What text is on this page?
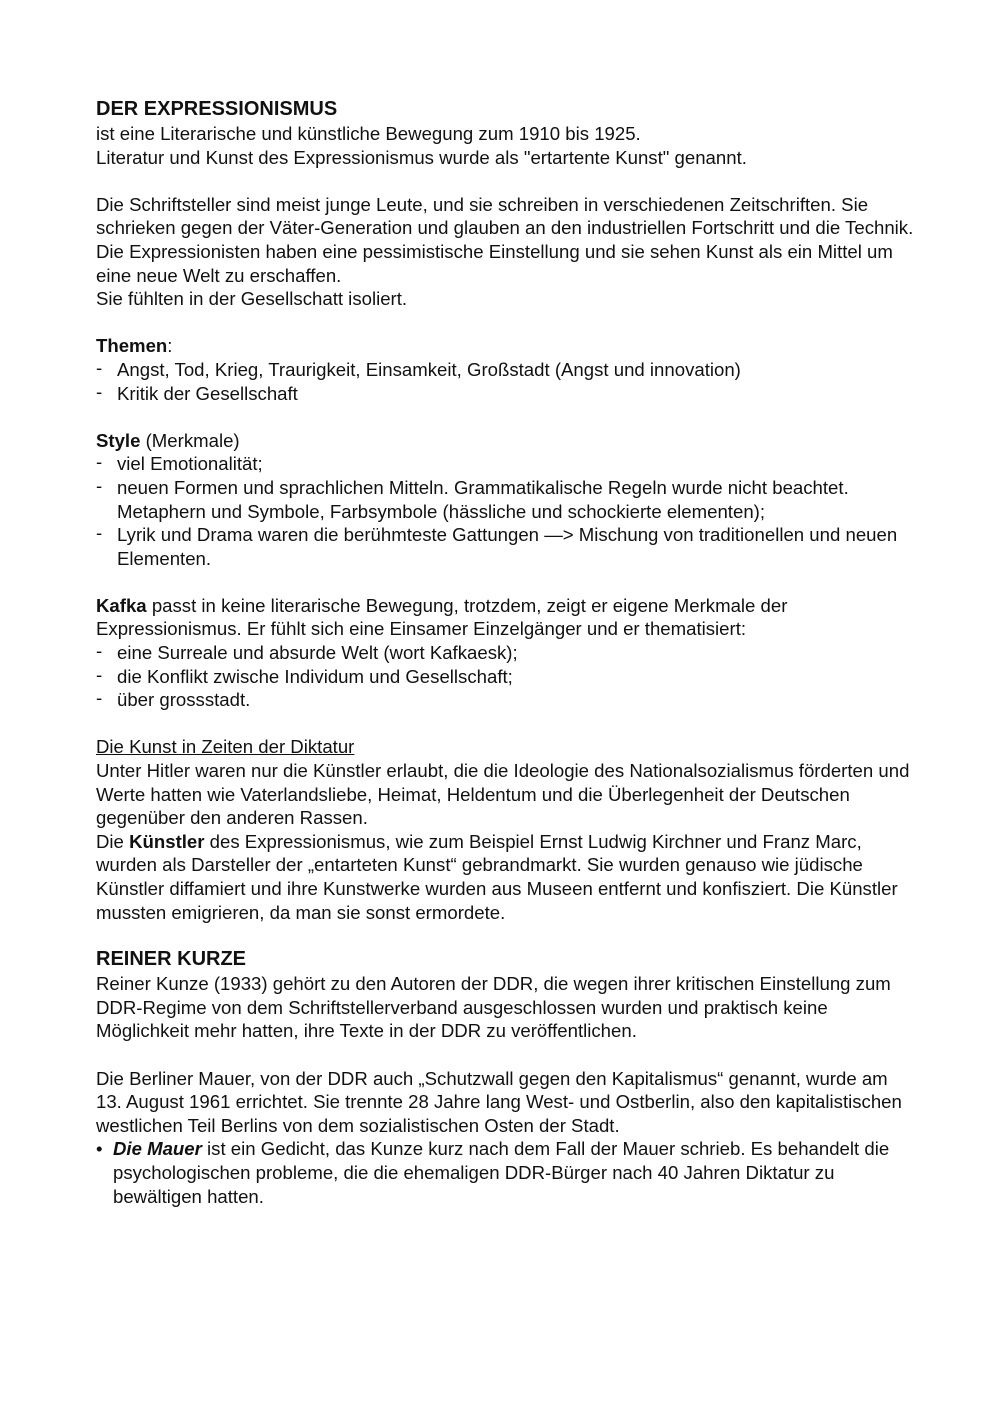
DER EXPRESSIONISMUS

ist eine Literarische und künstliche Bewegung zum 1910 bis 1925.

Literatur und Kunst des Expressionismus wurde als "ertartente Kunst" genannt.

Die Schriftsteller sind meist junge Leute, und sie schreiben in verschiedenen Zeitschriften. Sie schrieken gegen der Väter-Generation und glauben an den industriellen Fortschritt und die Technik.

Die Expressionisten haben eine pessimistische Einstellung und sie sehen Kunst als ein Mittel um eine neue Welt zu erschaffen.

Sie fühlten in der Gesellschatt isoliert.

Themen:

- Angst, Tod, Krieg, Traurigkeit, Einsamkeit, Großstadt (Angst und innovation)
- Kritik der Gesellschaft

Style (Merkmale)

- viel Emotionalität;
- neuen Formen und sprachlichen Mitteln. Grammatikalische Regeln wurde nicht beachtet. Metaphern und Symbole, Farbsymbole (hässliche und schockierte elementen);
- Lyrik und Drama waren die berühmteste Gattungen —> Mischung von traditionellen und neuen Elementen.

Kafka passt in keine literarische Bewegung, trotzdem, zeigt er eigene Merkmale der Expressionismus. Er fühlt sich eine Einsamer Einzelgänger und er thematisiert:

- eine Surreale und absurde Welt (wort Kafkaesk);
- die Konflikt zwische Individum und Gesellschaft;
- über grossstadt.

Die Kunst in Zeiten der Diktatur

Unter Hitler waren nur die Künstler erlaubt, die die Ideologie des Nationalsozialismus förderten und Werte hatten wie Vaterlandsliebe, Heimat, Heldentum und die Überlegenheit der Deutschen gegenüber den anderen Rassen.

Die Künstler des Expressionismus, wie zum Beispiel Ernst Ludwig Kirchner und Franz Marc, wurden als Darsteller der „entarteten Kunst“ gebrandmarkt. Sie wurden genauso wie jüdische Künstler diffamiert und ihre Kunstwerke wurden aus Museen entfernt und konfisziert. Die Künstler mussten emigrieren, da man sie sonst ermordete.

REINER KURZE

Reiner Kunze (1933) gehört zu den Autoren der DDR, die wegen ihrer kritischen Einstellung zum DDR-Regime von dem Schriftstellerverband ausgeschlossen wurden und praktisch keine Möglichkeit mehr hatten, ihre Texte in der DDR zu veröffentlichen.

Die Berliner Mauer, von der DDR auch „Schutzwall gegen den Kapitalismus“ genannt, wurde am 13. August 1961 errichtet. Sie trennte 28 Jahre lang West- und Ostberlin, also den kapitalistischen westlichen Teil Berlins von dem sozialistischen Osten der Stadt.

• Die Mauer ist ein Gedicht, das Kunze kurz nach dem Fall der Mauer schrieb. Es behandelt die psychologischen probleme, die die ehemaligen DDR-Bürger nach 40 Jahren Diktatur zu bewältigen hatten.
